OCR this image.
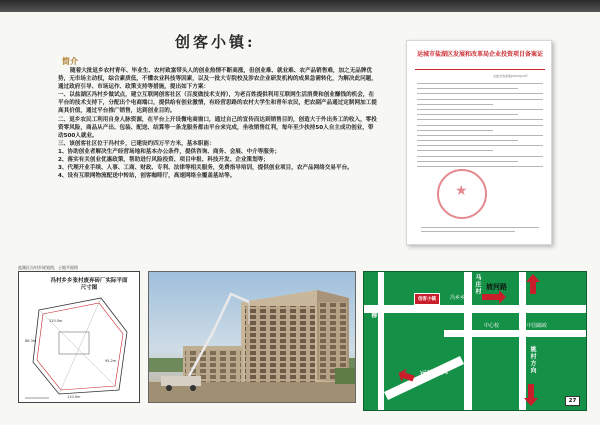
创客小镇:
简介

随着大批返乡农村青年、毕业生、农村致富带头人的创业热情不断高涨，但创业难、就业难、农产品销售难，加之无品牌优势，无市场主动权，综合素质低，不懂农业科技等因素，以及一批大专院校及涉农企业研发机构的成果急需转化，为解决此问题，通过政府引导、市场运作、政策支持等措施，提出如下方案：

一、以盐湖区冯村乡做试点，建立互联网创客社区（百度做技术支持），为老百姓提供利用互联网生活消费和创业赚钱的机会，在平台的技术支持下，分配出个电商端口，提供给有创业激情，有经营思路的农村大学生和青年农民，把农副产品通过定制网加工提高其价值，通过平台推广销售，达到创业目的。

二、返乡农民工利用自身人脉资源，在平台上开设微电商窗口，通过自己的宣传而达到销售目的，创造大于外出务工的收入，零投资零风险，商品从产出、包装、配送、结算等一条龙服务都由平台来完成，坐收销售红利，每年至少扶持50人自主成功创业，带动500人就业。

三、该创客社区位于冯村乡，已建设约四万平方米，基本职能：

1、协助创业者解决生产经营场地和基本办公条件，提供咨询、商务、会展、中介等服务；

2、落实有关创业优惠政策，帮助进行风险投资、项目申报、科技开发、企业策划等；

3、代理开业手续、人事、工商、财政、专利、法律等相关服务，免费指导培训，提供创业项目，农产品网络交易平台。

4、设有互联网物流配送中转站，创客咖啡厅，高速网络全覆盖基站等。

运城市盐湖区发展和改革局企业投资项目备案证
运盐发改备案[2015]14号
★
盐湖区冯村乡规划图，土地平面图
冯村乡乡张村废弃砖厂实际平面尺寸图
120.5m
95.2m
110.0m
86.3m
创客小镇	冯乡乡
马庄村 坡河路
中心校	中国邮政
运城方向	姚村方向
柳
27
